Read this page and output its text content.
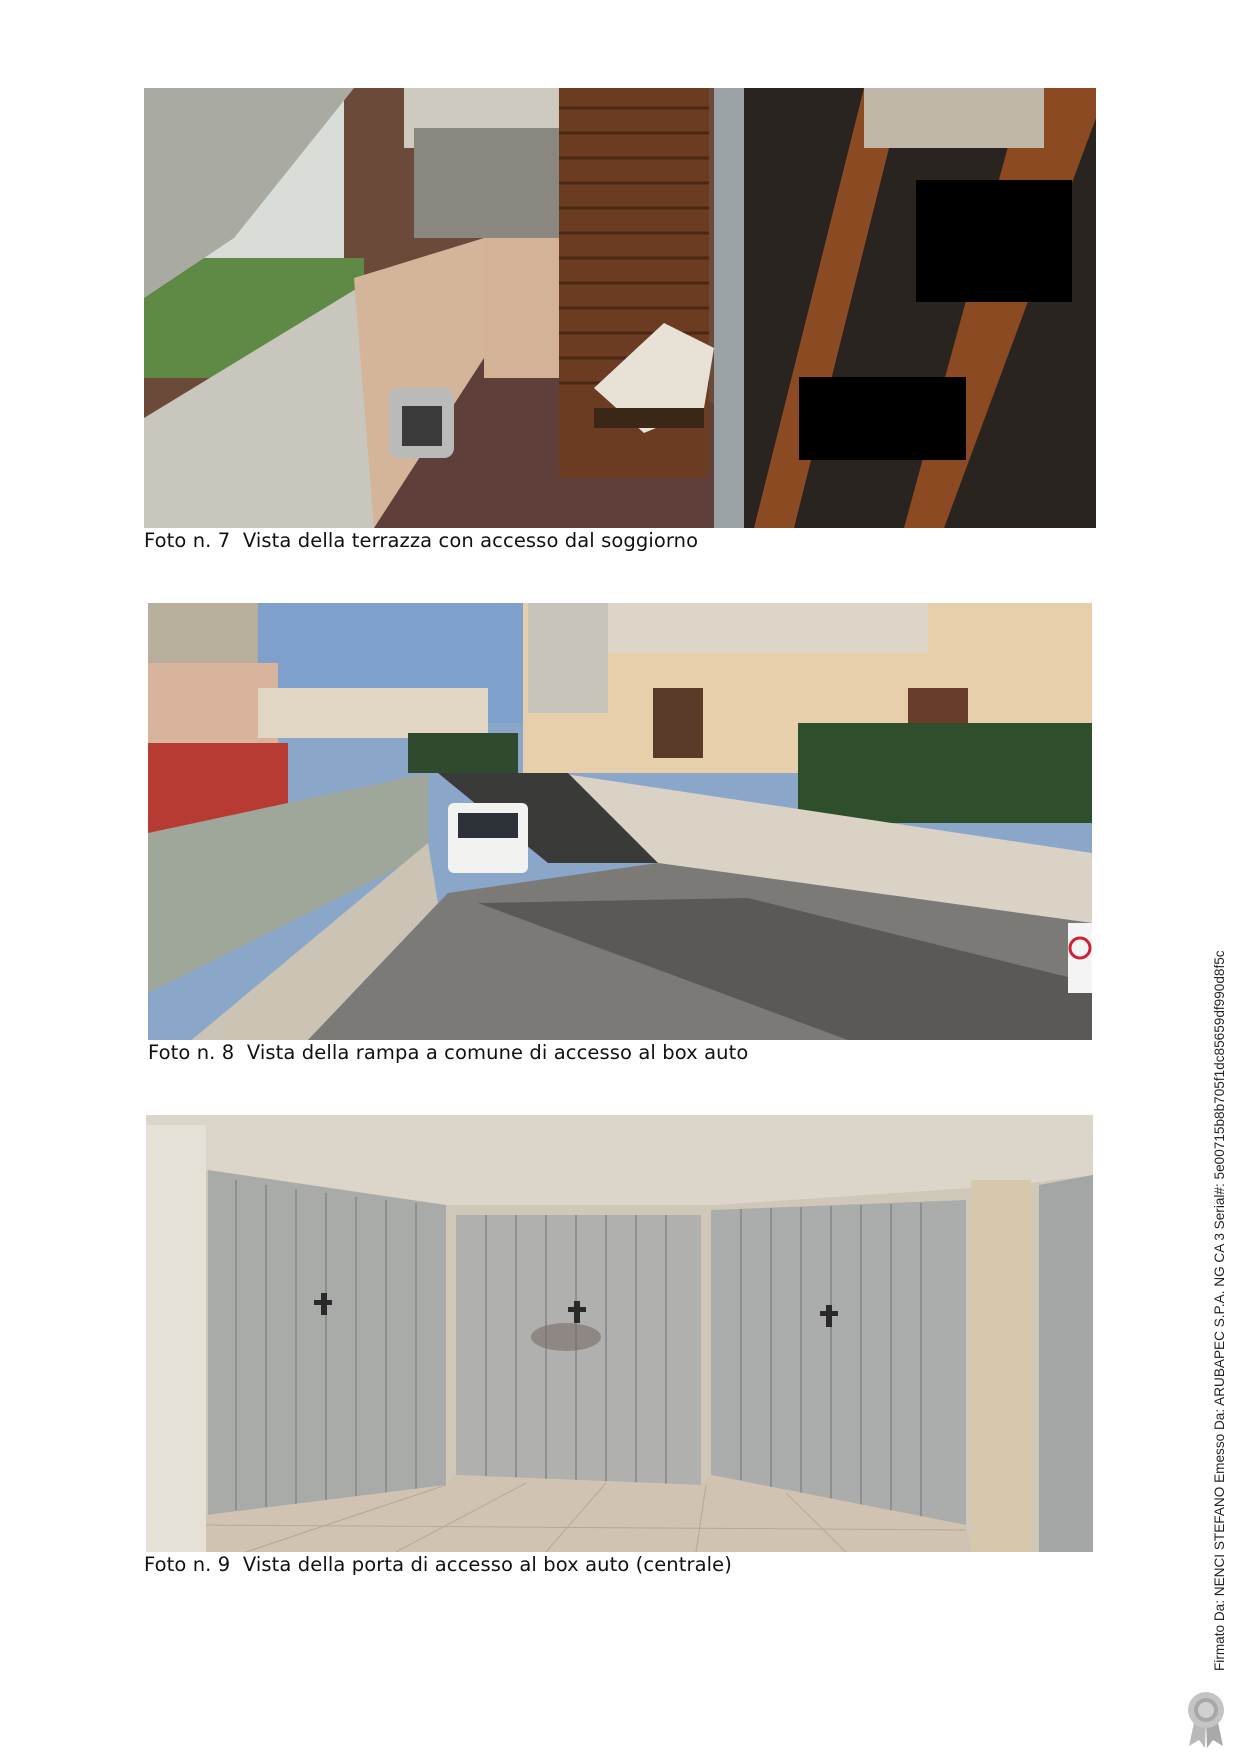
Foto n. 7  Vista della terrazza con accesso dal soggiorno
Foto n. 8  Vista della rampa a comune di accesso al box auto
Foto n. 9  Vista della porta di accesso al box auto (centrale)	Firmato Da: NENCI STEFANO Emesso Da: ARUBAPEC S.P.A. NG CA 3 Serial#: 5e00715b8b705f1dc85659df990d8f5c
